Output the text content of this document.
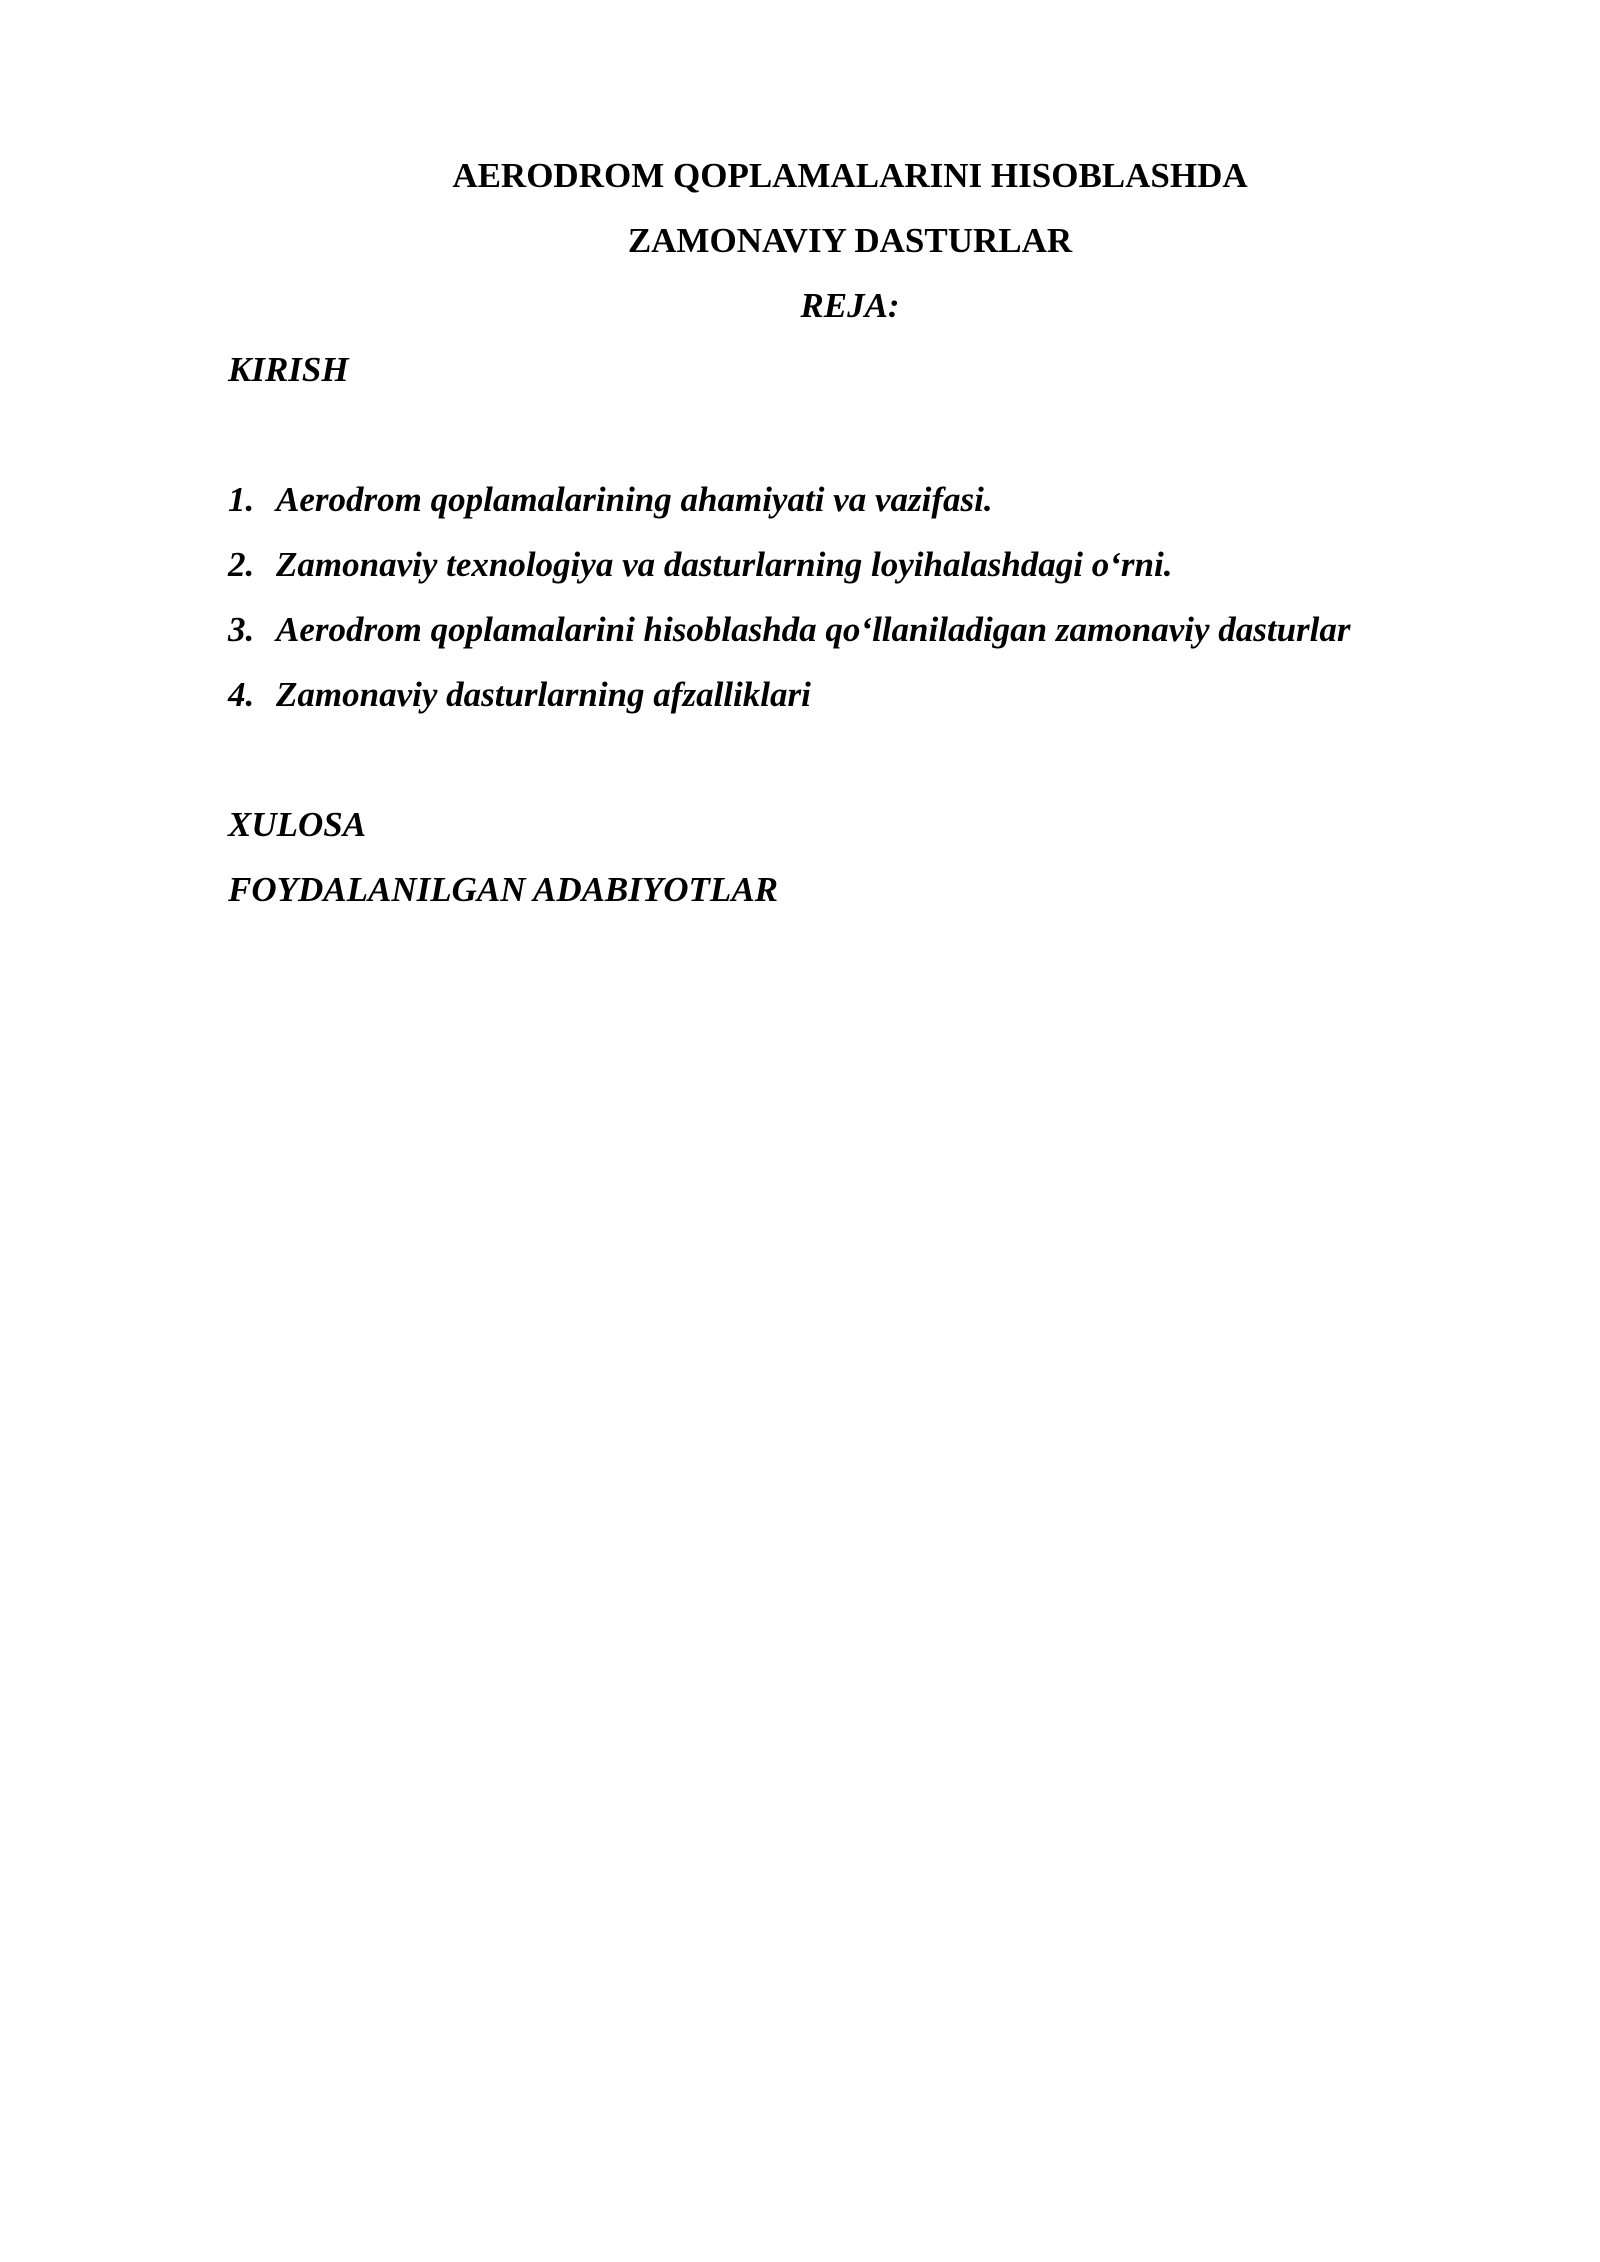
AERODROM QOPLAMALARINI HISOBLASHDA
ZAMONAVIY DASTURLAR
REJA:
KIRISH
1. Aerodrom qoplamalarining ahamiyati va vazifasi.
2. Zamonaviy texnologiya va dasturlarning loyihalashdagi o‘rni.
3. Aerodrom qoplamalarini hisoblashda qo‘llaniladigan zamonaviy dasturlar
4. Zamonaviy dasturlarning afzalliklari
XULOSA
FOYDALANILGAN ADABIYOTLAR
